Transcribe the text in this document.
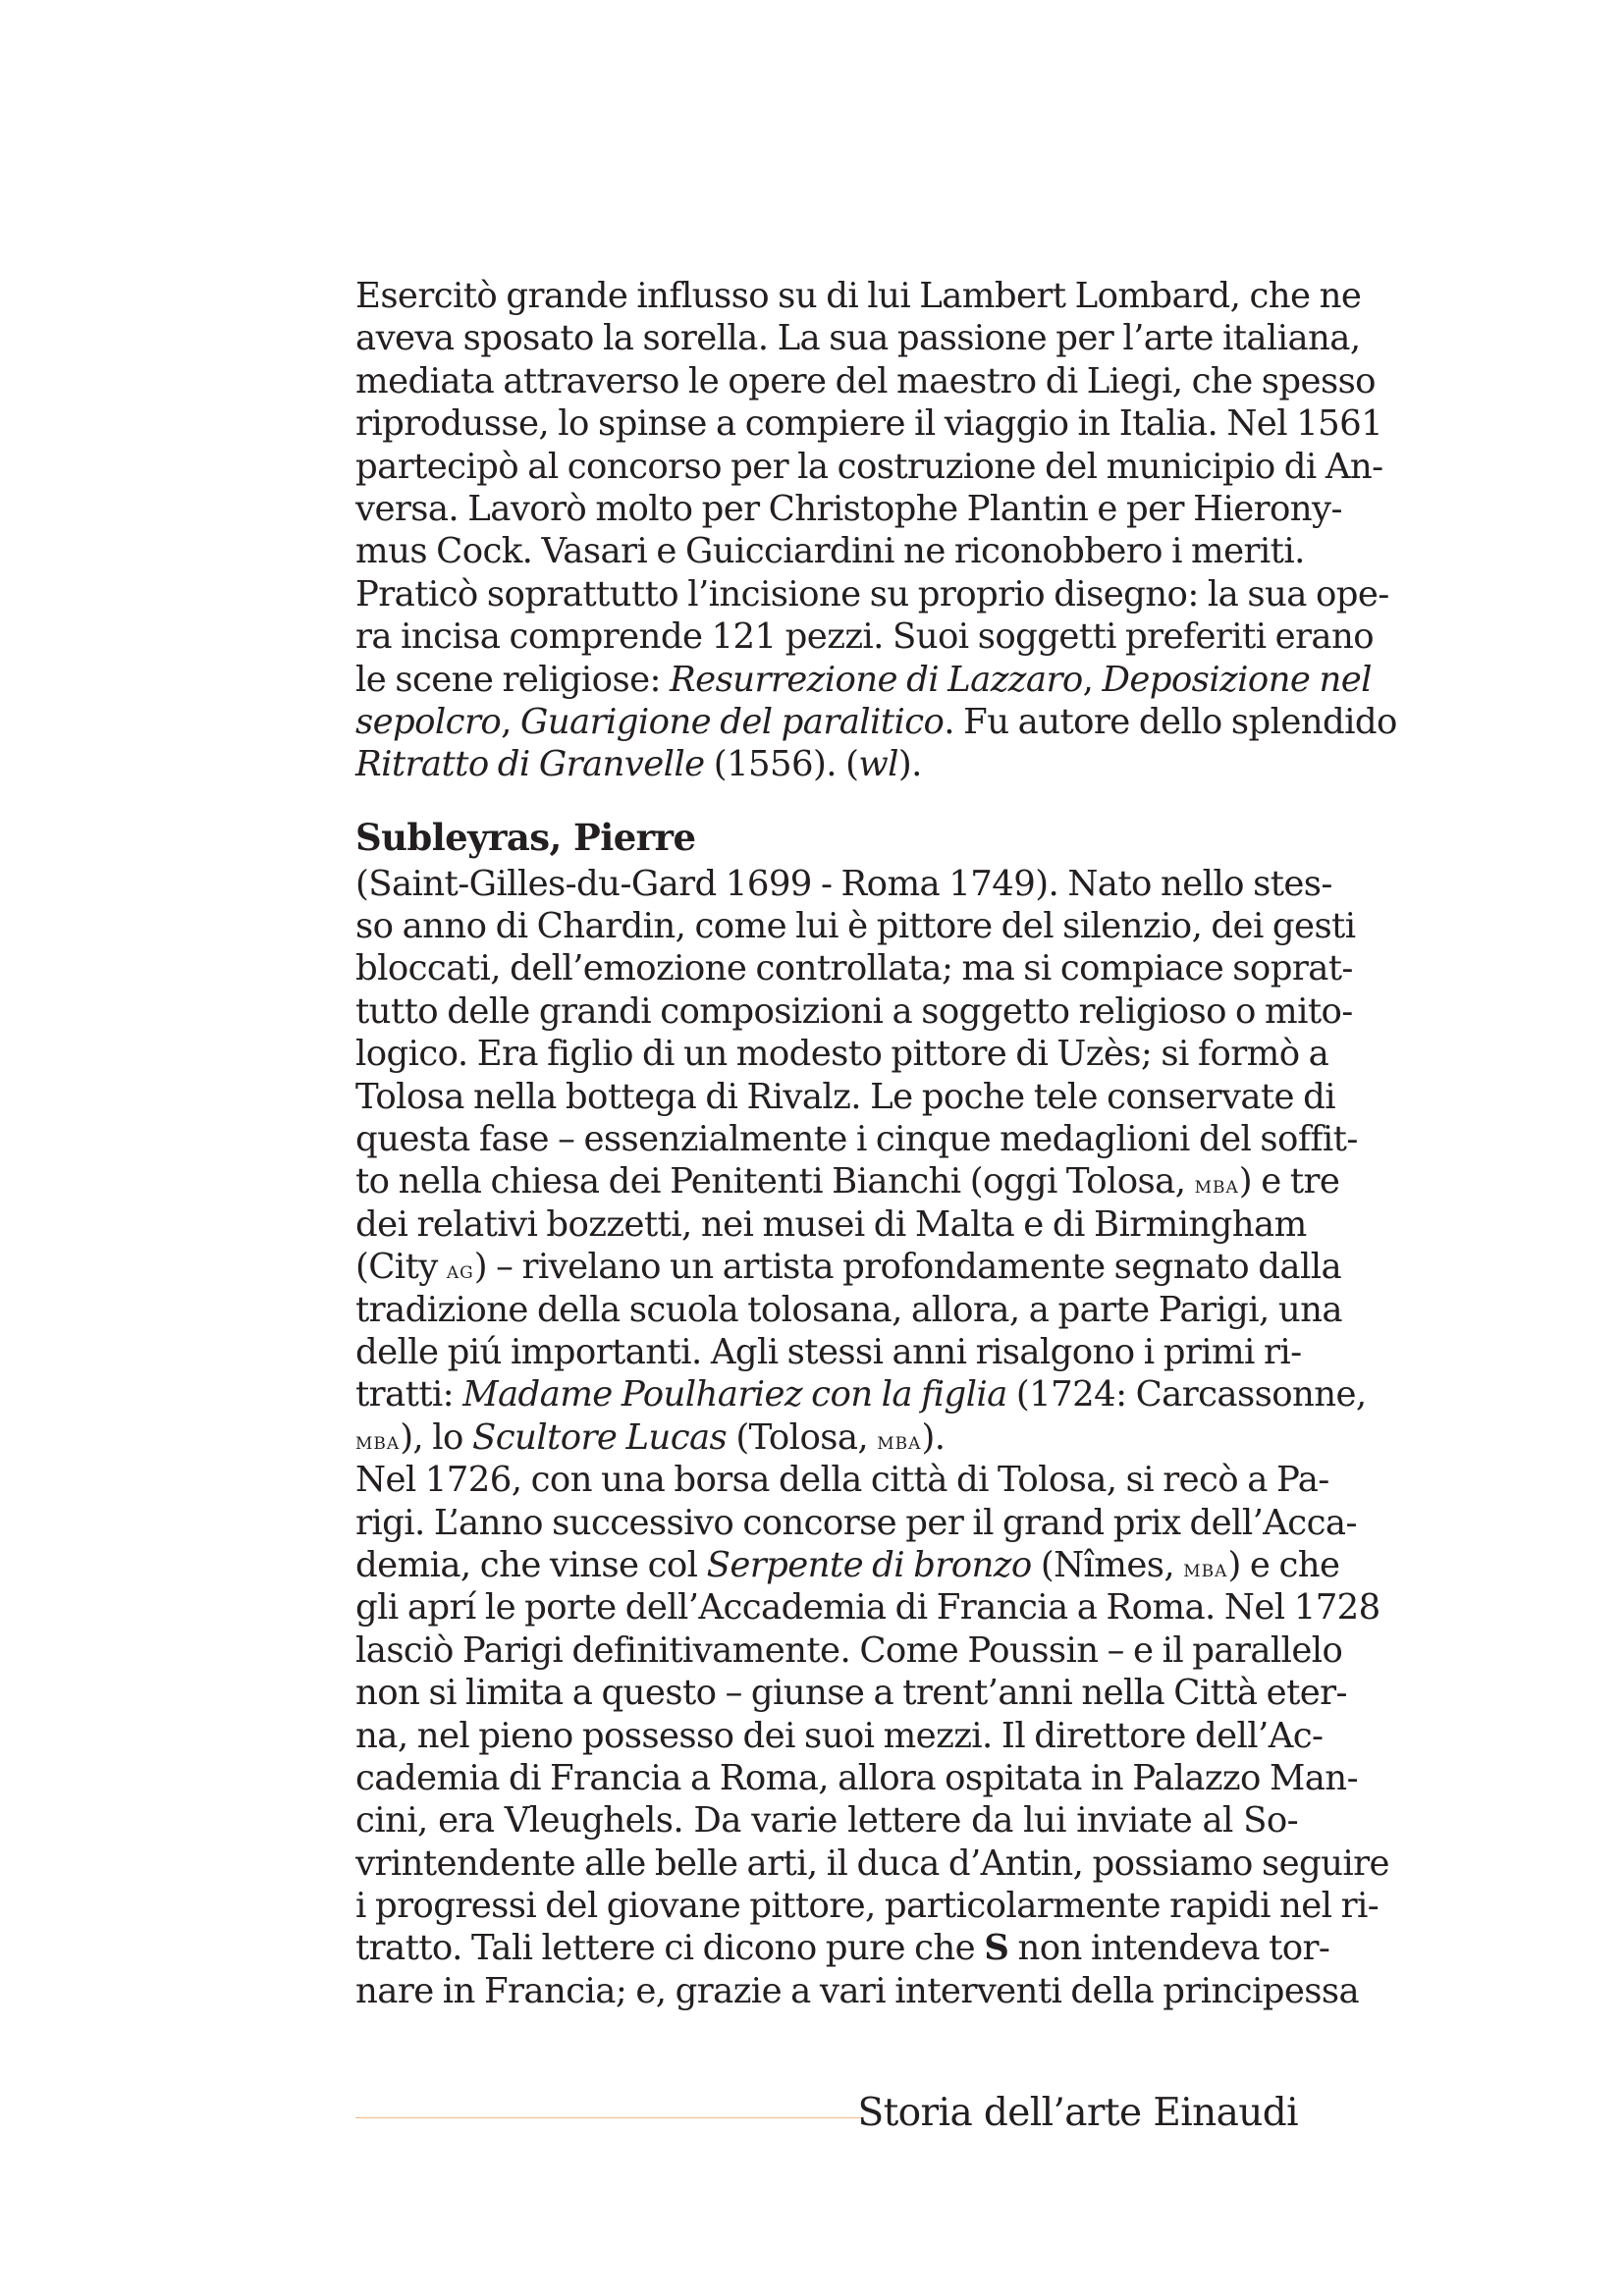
Esercitò grande influsso su di lui Lambert Lombard, che ne
aveva sposato la sorella. La sua passione per l’arte italiana,
mediata attraverso le opere del maestro di Liegi, che spesso
riprodusse, lo spinse a compiere il viaggio in Italia. Nel 1561
partecipò al concorso per la costruzione del municipio di An-
versa. Lavorò molto per Christophe Plantin e per Hierony-
mus Cock. Vasari e Guicciardini ne riconobbero i meriti.
Praticò soprattutto l’incisione su proprio disegno: la sua ope-
ra incisa comprende 121 pezzi. Suoi soggetti preferiti erano
le scene religiose: Resurrezione di Lazzaro, Deposizione nel
sepolcro, Guarigione del paralitico. Fu autore dello splendido
Ritratto di Granvelle (1556). (wl).
Subleyras, Pierre
(Saint-Gilles-du-Gard 1699 - Roma 1749). Nato nello stes-
so anno di Chardin, come lui è pittore del silenzio, dei gesti
bloccati, dell’emozione controllata; ma si compiace soprat-
tutto delle grandi composizioni a soggetto religioso o mito-
logico. Era figlio di un modesto pittore di Uzès; si formò a
Tolosa nella bottega di Rivalz. Le poche tele conservate di
questa fase – essenzialmente i cinque medaglioni del soffit-
to nella chiesa dei Penitenti Bianchi (oggi Tolosa, mba) e tre
dei relativi bozzetti, nei musei di Malta e di Birmingham
(City ag) – rivelano un artista profondamente segnato dalla
tradizione della scuola tolosana, allora, a parte Parigi, una
delle piú importanti. Agli stessi anni risalgono i primi ri-
tratti: Madame Poulhariez con la figlia (1724: Carcassonne,
mba), lo Scultore Lucas (Tolosa, mba).
Nel 1726, con una borsa della città di Tolosa, si recò a Pa-
rigi. L’anno successivo concorse per il grand prix dell’Acca-
demia, che vinse col Serpente di bronzo (Nîmes, mba) e che
gli aprí le porte dell’Accademia di Francia a Roma. Nel 1728
lasciò Parigi definitivamente. Come Poussin – e il parallelo
non si limita a questo – giunse a trent’anni nella Città eter-
na, nel pieno possesso dei suoi mezzi. Il direttore dell’Ac-
cademia di Francia a Roma, allora ospitata in Palazzo Man-
cini, era Vleughels. Da varie lettere da lui inviate al So-
vrintendente alle belle arti, il duca d’Antin, possiamo seguire
i progressi del giovane pittore, particolarmente rapidi nel ri-
tratto. Tali lettere ci dicono pure che S non intendeva tor-
nare in Francia; e, grazie a vari interventi della principessa
Storia dell’arte Einaudi
